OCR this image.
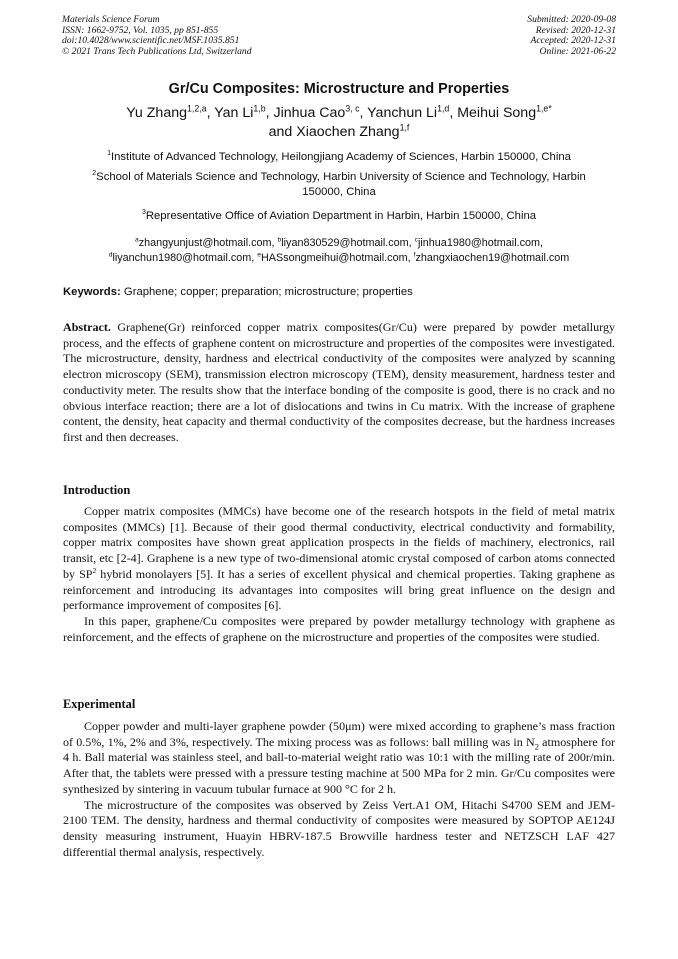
Materials Science Forum
ISSN: 1662-9752, Vol. 1035, pp 851-855
doi:10.4028/www.scientific.net/MSF.1035.851
© 2021 Trans Tech Publications Ltd, Switzerland
Submitted: 2020-09-08
Revised: 2020-12-31
Accepted: 2020-12-31
Online: 2021-06-22
Gr/Cu Composites: Microstructure and Properties
Yu Zhang$^{1,2,a}$, Yan Li$^{1,b}$, Jinhua Cao$^{3, c}$, Yanchun Li$^{1,d}$, Meihui Song$^{1,e*}$
and Xiaochen Zhang$^{1,f}$
$^1$Institute of Advanced Technology, Heilongjiang Academy of Sciences, Harbin 150000, China
$^2$School of Materials Science and Technology, Harbin University of Science and Technology, Harbin 150000, China
$^3$Representative Office of Aviation Department in Harbin, Harbin 150000, China
$^a$zhangyunjust@hotmail.com, $^b$liyan830529@hotmail.com, $^c$jinhua1980@hotmail.com,
$^d$liyanchun1980@hotmail.com, $^e$HASsongmeihui@hotmail.com, $^f$zhangxiaochen19@hotmail.com
Keywords: Graphene; copper; preparation; microstructure; properties

Abstract. Graphene(Gr) reinforced copper matrix composites(Gr/Cu) were prepared by powder metallurgy process, and the effects of graphene content on microstructure and properties of the composites were investigated. The microstructure, density, hardness and electrical conductivity of the composites were analyzed by scanning electron microscopy (SEM), transmission electron microscopy (TEM), density measurement, hardness tester and conductivity meter. The results show that the interface bonding of the composite is good, there is no crack and no obvious interface reaction; there are a lot of dislocations and twins in Cu matrix. With the increase of graphene content, the density, heat capacity and thermal conductivity of the composites decrease, but the hardness increases first and then decreases.

Introduction

Copper matrix composites (MMCs) have become one of the research hotspots in the field of metal matrix composites (MMCs) [1]. Because of their good thermal conductivity, electrical conductivity and formability, copper matrix composites have shown great application prospects in the fields of machinery, electronics, rail transit, etc [2-4]. Graphene is a new type of two-dimensional atomic crystal composed of carbon atoms connected by $SP^2$ hybrid monolayers [5]. It has a series of excellent physical and chemical properties. Taking graphene as reinforcement and introducing its advantages into composites will bring great influence on the design and performance improvement of composites [6].

In this paper, graphene/Cu composites were prepared by powder metallurgy technology with graphene as reinforcement, and the effects of graphene on the microstructure and properties of the composites were studied.

Experimental

Copper powder and multi-layer graphene powder (50μm) were mixed according to graphene’s mass fraction of 0.5%, 1%, 2% and 3%, respectively. The mixing process was as follows: ball milling was in $N_2$ atmosphere for 4 h. Ball material was stainless steel, and ball-to-material weight ratio was 10:1 with the milling rate of 200r/min. After that, the tablets were pressed with a pressure testing machine at 500 MPa for 2 min. Gr/Cu composites were synthesized by sintering in vacuum tubular furnace at 900 °C for 2 h.

The microstructure of the composites was observed by Zeiss Vert.A1 OM, Hitachi S4700 SEM and JEM-2100 TEM. The density, hardness and thermal conductivity of composites were measured by SOPTOP AE124J density measuring instrument, Huayin HBRV-187.5 Browville hardness tester and NETZSCH LAF 427 differential thermal analysis, respectively.
